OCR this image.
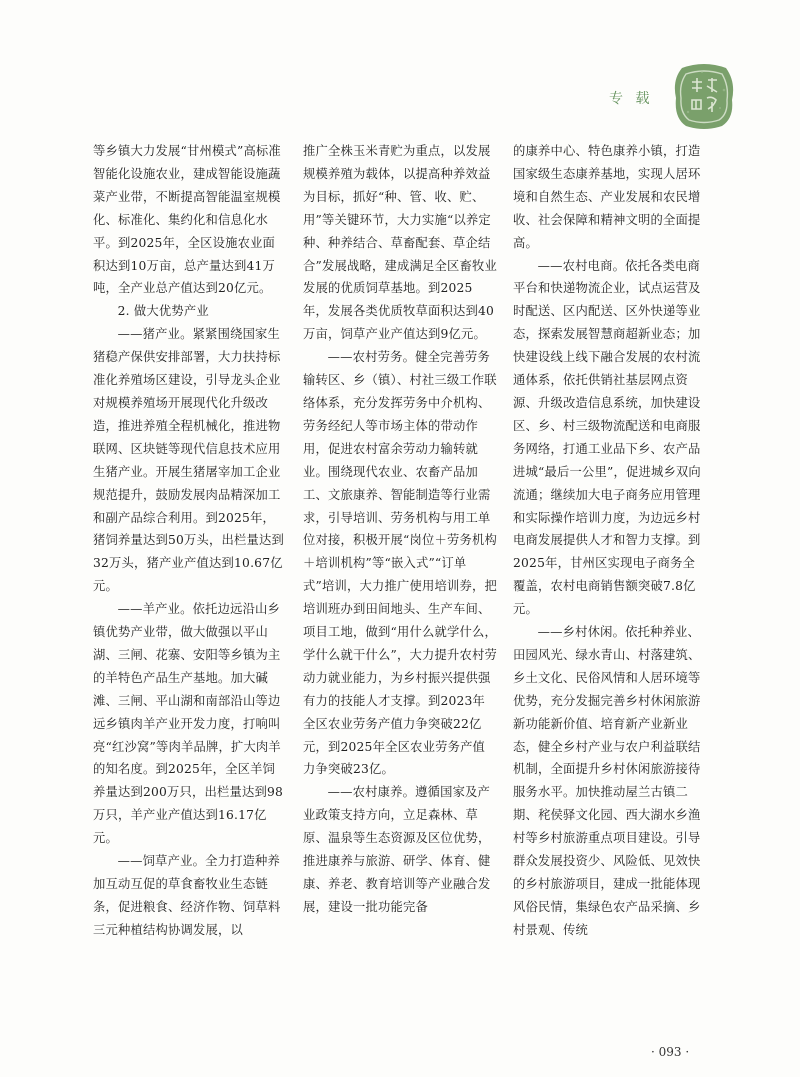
专 载

等乡镇大力发展“甘州模式”高标准智能化设施农业，建成智能设施蔬菜产业带，不断提高智能温室规模化、标准化、集约化和信息化水平。到2025年，全区设施农业面积达到10万亩，总产量达到41万吨，全产业总产值达到20亿元。

2. 做大优势产业

——猪产业。紧紧围绕国家生猪稳产保供安排部署，大力扶持标准化养殖场区建设，引导龙头企业对规模养殖场开展现代化升级改造，推进养殖全程机械化，推进物联网、区块链等现代信息技术应用生猪产业。开展生猪屠宰加工企业规范提升，鼓励发展肉品精深加工和副产品综合利用。到2025年，猪饲养量达到50万头，出栏量达到32万头，猪产业产值达到10.67亿元。

——羊产业。依托边远沿山乡镇优势产业带，做大做强以平山湖、三闸、花寨、安阳等乡镇为主的羊特色产品生产基地。加大碱滩、三闸、平山湖和南部沿山等边远乡镇肉羊产业开发力度，打响叫亮“红沙窝”等肉羊品牌，扩大肉羊的知名度。到2025年，全区羊饲养量达到200万只，出栏量达到98万只，羊产业产值达到16.17亿元。

——饲草产业。全力打造种养加互动互促的草食畜牧业生态链条，促进粮食、经济作物、饲草料三元种植结构协调发展，以

推广全株玉米青贮为重点，以发展规模养殖为载体，以提高种养效益为目标，抓好“种、管、收、贮、用”等关键环节，大力实施“以养定种、种养结合、草畜配套、草企结合”发展战略，建成满足全区畜牧业发展的优质饲草基地。到2025年，发展各类优质牧草面积达到40万亩，饲草产业产值达到9亿元。

——农村劳务。健全完善劳务输转区、乡（镇）、村社三级工作联络体系，充分发挥劳务中介机构、劳务经纪人等市场主体的带动作用，促进农村富余劳动力输转就业。围绕现代农业、农畜产品加工、文旅康养、智能制造等行业需求，引导培训、劳务机构与用工单位对接，积极开展“岗位＋劳务机构＋培训机构”等“嵌入式”“订单式”培训，大力推广使用培训券，把培训班办到田间地头、生产车间、项目工地，做到“用什么就学什么，学什么就干什么”，大力提升农村劳动力就业能力，为乡村振兴提供强有力的技能人才支撑。到2023年全区农业劳务产值力争突破22亿元，到2025年全区农业劳务产值力争突破23亿。

——农村康养。遵循国家及产业政策支持方向，立足森林、草原、温泉等生态资源及区位优势，推进康养与旅游、研学、体育、健康、养老、教育培训等产业融合发展，建设一批功能完备

的康养中心、特色康养小镇，打造国家级生态康养基地，实现人居环境和自然生态、产业发展和农民增收、社会保障和精神文明的全面提高。

——农村电商。依托各类电商平台和快递物流企业，试点运营及时配送、区内配送、区外快递等业态，探索发展智慧商超新业态；加快建设线上线下融合发展的农村流通体系，依托供销社基层网点资源、升级改造信息系统，加快建设区、乡、村三级物流配送和电商服务网络，打通工业品下乡、农产品进城“最后一公里”，促进城乡双向流通；继续加大电子商务应用管理和实际操作培训力度，为边远乡村电商发展提供人才和智力支撑。到2025年，甘州区实现电子商务全覆盖，农村电商销售额突破7.8亿元。

——乡村休闲。依托种养业、田园风光、绿水青山、村落建筑、乡土文化、民俗风情和人居环境等优势，充分发掘完善乡村休闲旅游新功能新价值、培育新产业新业态，健全乡村产业与农户利益联结机制，全面提升乡村休闲旅游接待服务水平。加快推动屋兰古镇二期、秺侯驿文化园、西大湖水乡渔村等乡村旅游重点项目建设。引导群众发展投资少、风险低、见效快的乡村旅游项目，建成一批能体现风俗民情，集绿色农产品采摘、乡村景观、传统

· 093 ·
